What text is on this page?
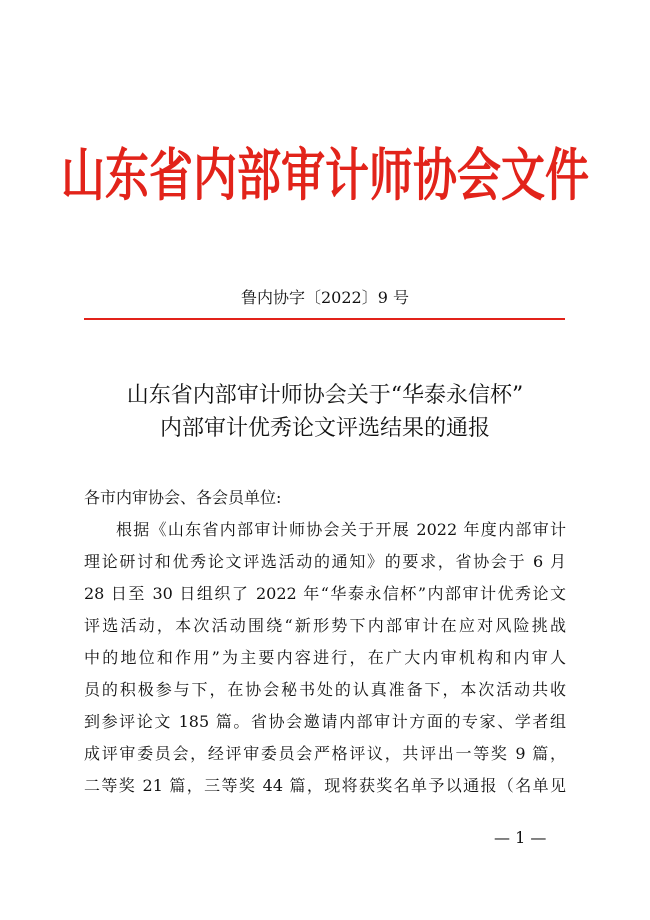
山东省内部审计师协会文件
鲁内协字〔2022〕9 号
山东省内部审计师协会关于“华泰永信杯”
内部审计优秀论文评选结果的通报
各市内审协会、各会员单位:
根据《山东省内部审计师协会关于开展 2022 年度内部审计
理论研讨和优秀论文评选活动的通知》的要求，省协会于 6 月
28 日至 30 日组织了 2022 年“华泰永信杯”内部审计优秀论文
评选活动，本次活动围绕“新形势下内部审计在应对风险挑战
中的地位和作用”为主要内容进行，在广大内审机构和内审人
员的积极参与下，在协会秘书处的认真准备下，本次活动共收
到参评论文 185 篇。省协会邀请内部审计方面的专家、学者组
成评审委员会，经评审委员会严格评议，共评出一等奖 9 篇，
二等奖 21 篇，三等奖 44 篇，现将获奖名单予以通报（名单见
— 1 —
